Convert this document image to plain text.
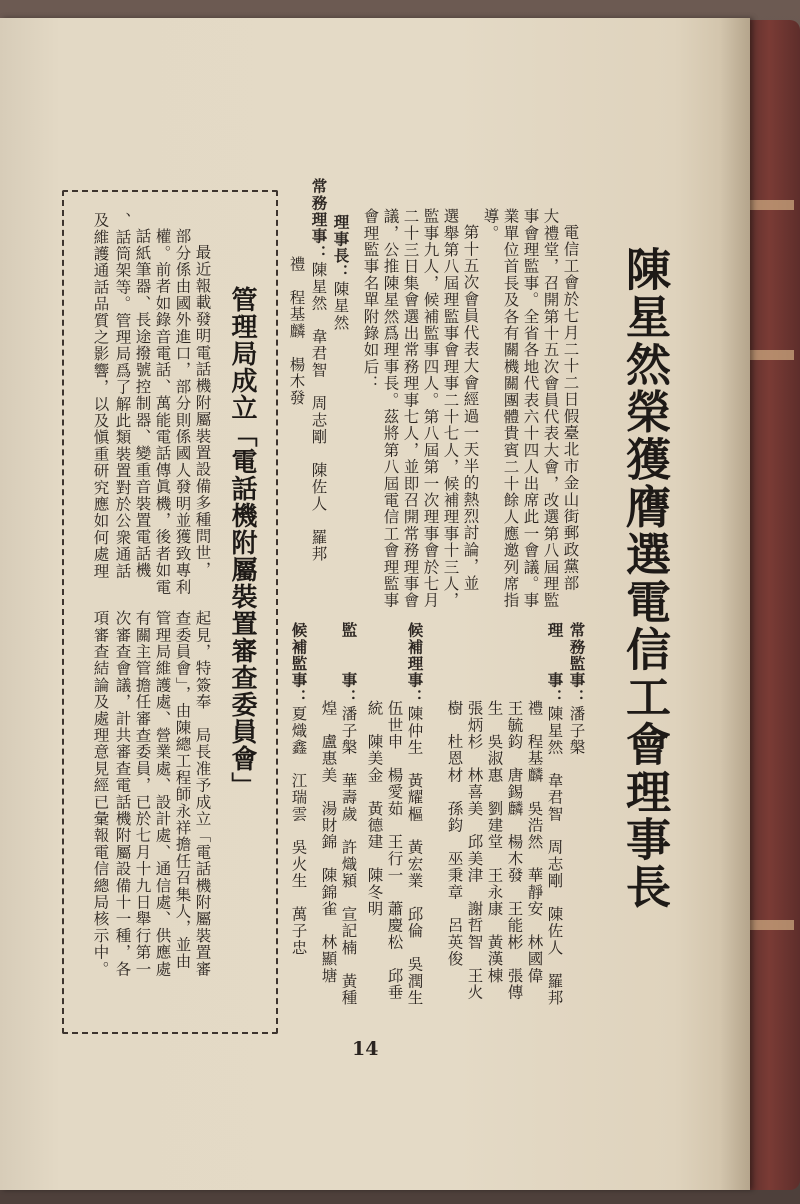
陳星然榮獲膺選電信工會理事長
電信工會於七月二十二日假臺北市金山街郵政黨部
大禮堂，召開第十五次會員代表大會，改選第八屆理監
事會理監事。全省各地代表六十四人出席此一會議。事
業單位首長及各有關機關團體貴賓二十餘人應邀列席指
導。
第十五次會員代表大會經過一天半的熱烈討論，並
選舉第八屆理監事會理事二十七人，候補理事十三人，
監事九人，候補監事四人。第八屆第一次理事會於七月
二十三日集會選出常務理事七人，並即召開常務理事會
議，公推陳星然爲理事長。茲將第八屆電信工會理監事
會理監事名單附錄如后：
理事長：陳星然
常務理事：陳星然　韋君智　周志剛　陳佐人　羅邦
禮　程基麟　楊木發
常務監事：潘子槃
理　　事：陳星然　韋君智　周志剛　陳佐人　羅邦
禮　程基麟　吳浩然　華靜安　林國偉
王毓鈞　唐錫麟　楊木發　王能彬　張傳
生　吳淑惠　劉建堂　王永康　黃漢棟
張炳杉　林喜美　邱美津　謝哲智　王火
樹　杜恩材　孫鈞　巫秉章　呂英俊
候補理事：陳仲生　黃耀樞　黃宏業　邱倫　吳潤生
伍世申　楊愛茹　王行一　蕭慶松　邱垂
統　陳美金　黃德建　陳冬明
監　　事：潘子槃　華壽歲　許熾潁　宣記楠　黃種
煌　盧惠美　湯財錦　陳錦雀　林顯塘
候補監事：夏熾鑫　江瑞雲　吳火生　萬子忠
管理局成立「電話機附屬裝置審查委員會」
最近報載發明電話機附屬裝置設備多種問世，
部分係由國外進口，部分則係國人發明並獲致專利
權。前者如錄音電話、萬能電話傳眞機，後者如電
話紙筆器、長途撥號控制器、變重音裝置電話機
、話筒架等。管理局爲了解此類裝置對於公衆通話
及維護通話品質之影響，以及愼重研究應如何處理
起見，特簽奉　局長准予成立「電話機附屬裝置審
查委員會」，由陳總工程師永祥擔任召集人，並由
管理局維護處、營業處、設計處、通信處、供應處
有關主管擔任審查委員，已於七月十九日舉行第一
次審查會議，計共審查電話機附屬設備十一種，各
項審查結論及處理意見經已彙報電信總局核示中。
14
